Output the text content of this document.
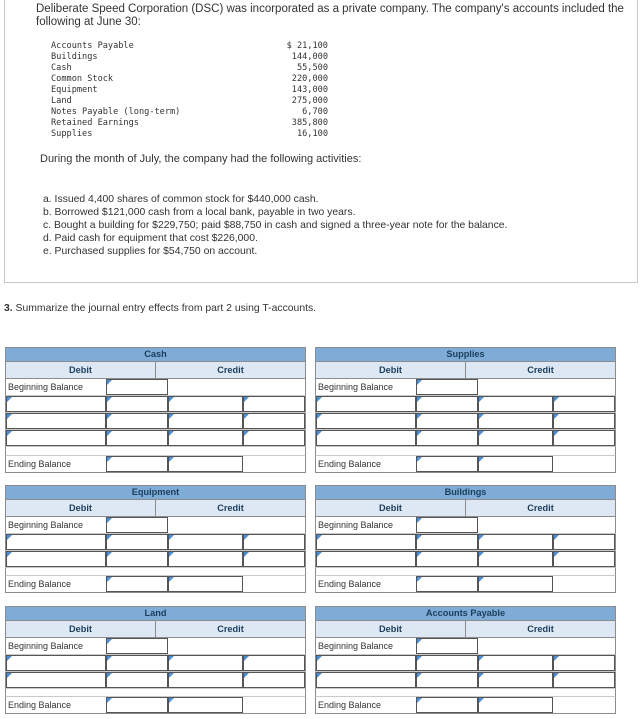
Deliberate Speed Corporation (DSC) was incorporated as a private company. The company's accounts included the following at June 30:
Accounts Payable	$ 21,100
Buildings	144,000
Cash	55,500
Common Stock	220,000
Equipment	143,000
Land	275,000
Notes Payable (long-term)	6,700
Retained Earnings	385,800
Supplies	16,100
During the month of July, the company had the following activities:
a. Issued 4,400 shares of common stock for $440,000 cash.
b. Borrowed $121,000 cash from a local bank, payable in two years.
c. Bought a building for $229,750; paid $88,750 in cash and signed a three-year note for the balance.
d. Paid cash for equipment that cost $226,000.
e. Purchased supplies for $54,750 on account.
3. Summarize the journal entry effects from part 2 using T-accounts.
Cash
Debit	Credit
Beginning Balance
Ending Balance
Supplies
Debit	Credit
Beginning Balance
Ending Balance
Equipment
Debit	Credit
Beginning Balance
Ending Balance
Buildings
Debit	Credit
Beginning Balance
Ending Balance
Land
Debit	Credit
Beginning Balance
Ending Balance
Accounts Payable
Debit	Credit
Beginning Balance
Ending Balance
